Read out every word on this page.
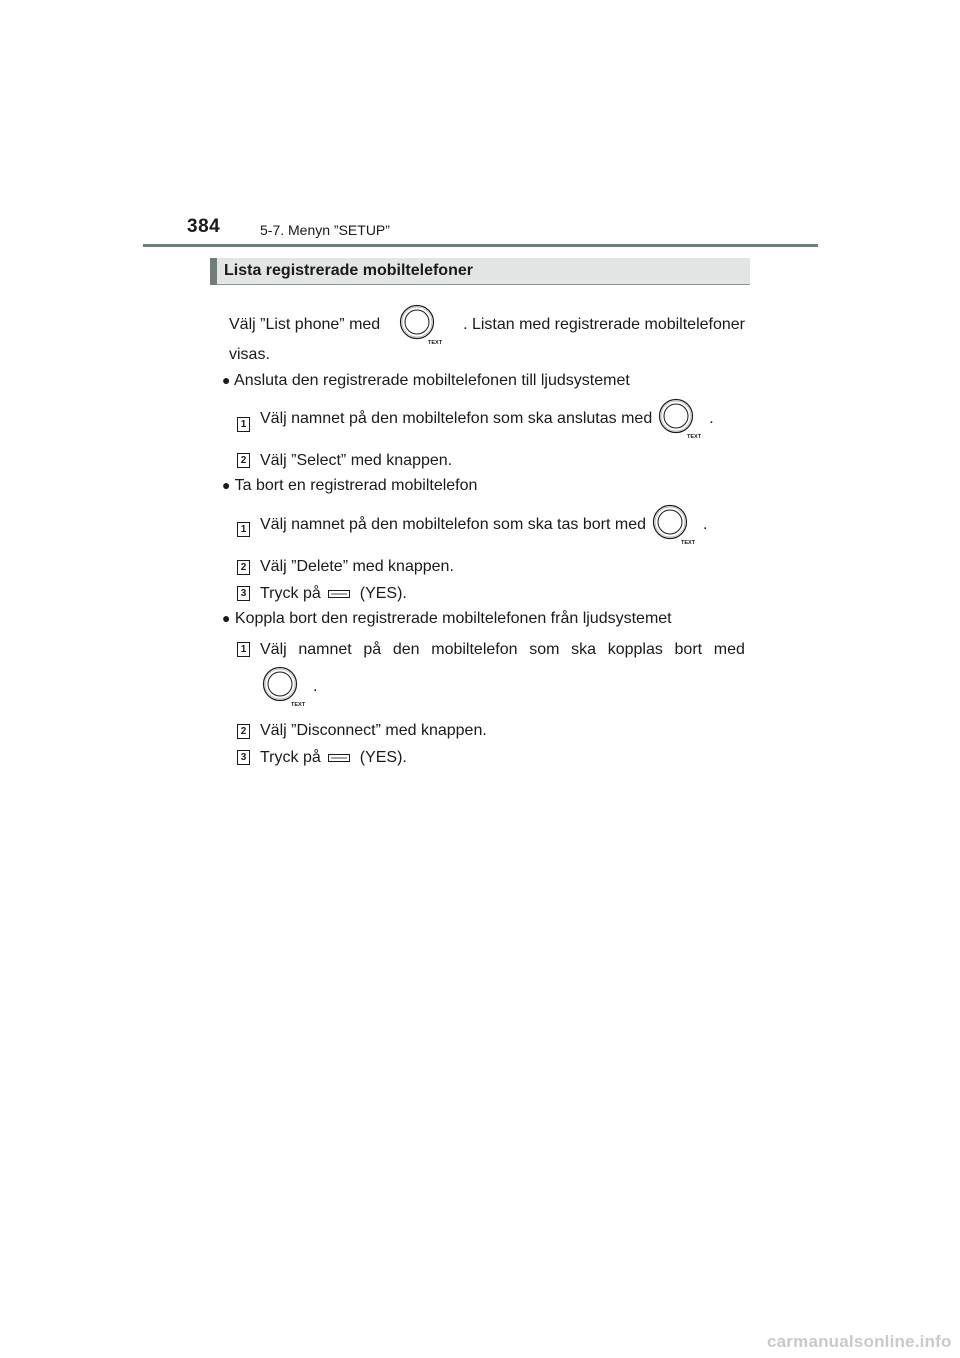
384	5-7. Menyn ”SETUP”
Lista registrerade mobiltelefoner
Välj ”List phone” med
TEXT
. Listan med registrerade mobiltelefoner
visas.
● Ansluta den registrerade mobiltelefonen till ljudsystemet
1 Välj namnet på den mobiltelefon som ska anslutas med
TEXT
.
2 Välj ”Select” med knappen.
● Ta bort en registrerad mobiltelefon
1 Välj namnet på den mobiltelefon som ska tas bort med
TEXT
.
2 Välj ”Delete” med knappen.
3 Tryck på (YES).
● Koppla bort den registrerade mobiltelefonen från ljudsystemet
1 Välj namnet på den mobiltelefon som ska kopplas bort med
TEXT
.
2 Välj ”Disconnect” med knappen.
3 Tryck på (YES).
carmanualsonline.info
